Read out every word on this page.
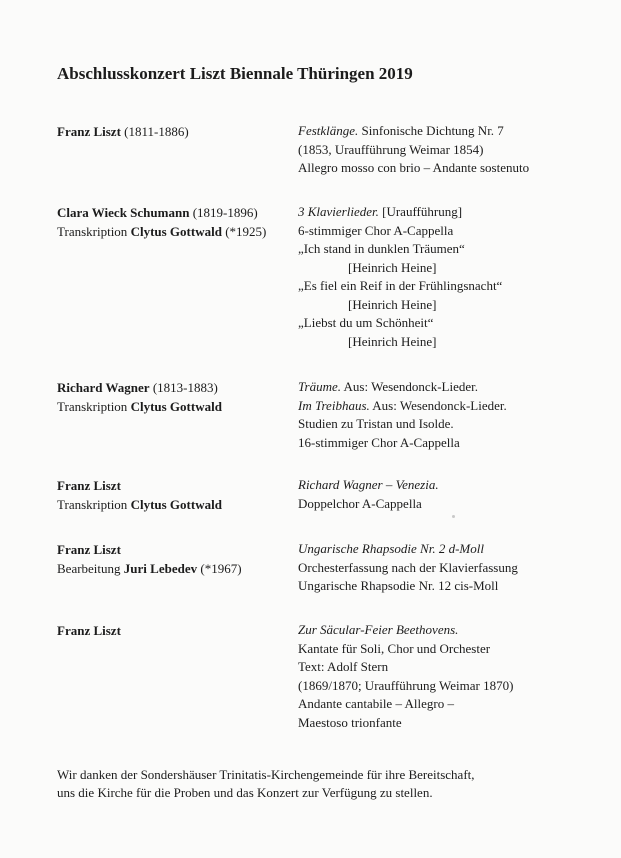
Abschlusskonzert Liszt Biennale Thüringen 2019
Franz Liszt (1811-1886)	Festklänge. Sinfonische Dichtung Nr. 7
(1853, Uraufführung Weimar 1854)
Allegro mosso con brio – Andante sostenuto
Clara Wieck Schumann (1819-1896)
Transkription Clytus Gottwald (*1925)
3 Klavierlieder. [Uraufführung]
6-stimmiger Chor A-Cappella
„Ich stand in dunklen Träumen“
[Heinrich Heine]
„Es fiel ein Reif in der Frühlingsnacht“
[Heinrich Heine]
„Liebst du um Schönheit“
[Heinrich Heine]
Richard Wagner (1813-1883)
Transkription Clytus Gottwald
Träume. Aus: Wesendonck-Lieder.
Im Treibhaus. Aus: Wesendonck-Lieder.
Studien zu Tristan und Isolde.
16-stimmiger Chor A-Cappella
Franz Liszt
Transkription Clytus Gottwald
Richard Wagner – Venezia.
Doppelchor A-Cappella
Franz Liszt
Bearbeitung Juri Lebedev (*1967)
Ungarische Rhapsodie Nr. 2 d-Moll
Orchesterfassung nach der Klavierfassung
Ungarische Rhapsodie Nr. 12 cis-Moll
Franz Liszt	Zur Säcular-Feier Beethovens.
Kantate für Soli, Chor und Orchester
Text: Adolf Stern
(1869/1870; Uraufführung Weimar 1870)
Andante cantabile – Allegro –
Maestoso trionfante
Wir danken der Sondershäuser Trinitatis-Kirchengemeinde für ihre Bereitschaft,
uns die Kirche für die Proben und das Konzert zur Verfügung zu stellen.
